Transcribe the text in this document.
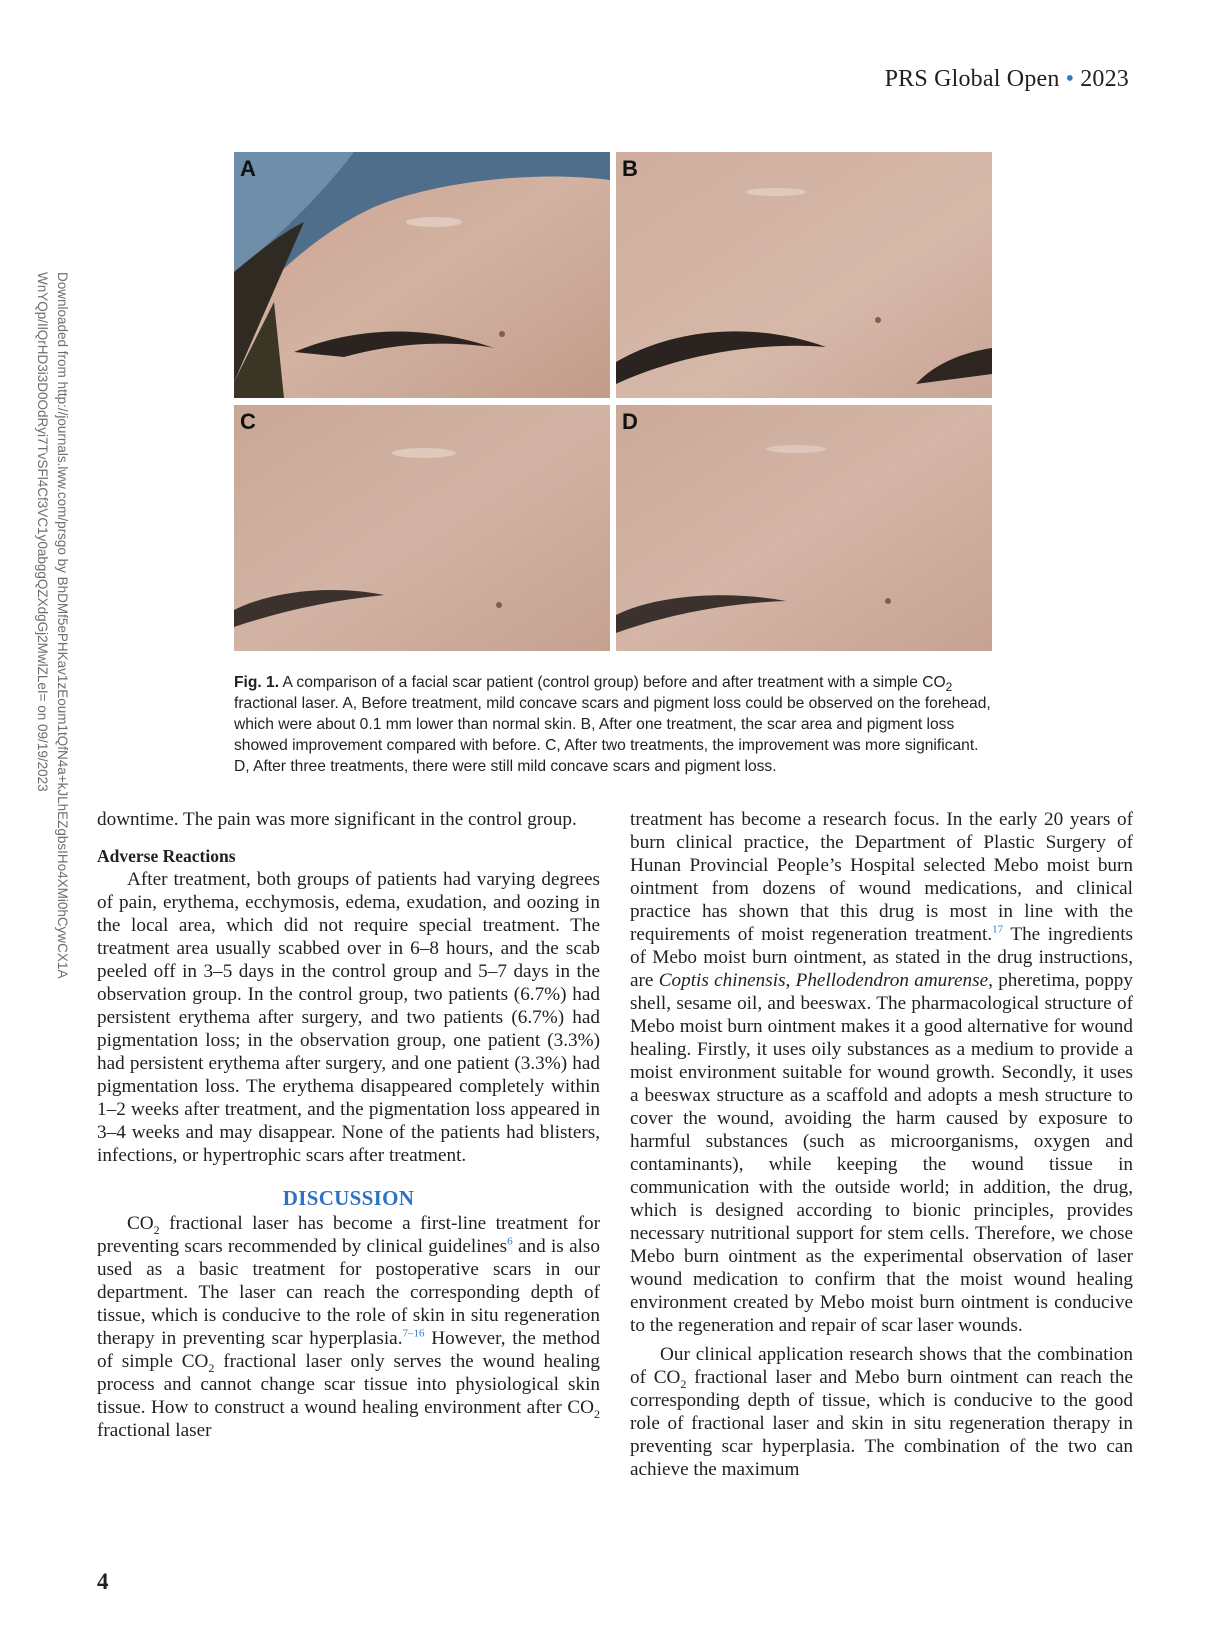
PRS Global Open • 2023
Downloaded from http://journals.lww.com/prsgo by BhDMf5ePHKav1zEoum1tQfN4a+kJLhEZgbsIHo4XMi0hCywCX1A
WnYQp/IlQrHD3i3D0OdRyi7TvSFl4Cf3VC1y0abggQZXdgGj2MwlZLeI= on 09/19/2023
A	B
C	D
Fig. 1. A comparison of a facial scar patient (control group) before and after treatment with a simple $CO_2$ fractional laser. A, Before treatment, mild concave scars and pigment loss could be observed on the forehead, which were about 0.1 mm lower than normal skin. B, After one treatment, the scar area and pigment loss showed improvement compared with before. C, After two treatments, the improvement was more significant. D, After three treatments, there were still mild concave scars and pigment loss.

downtime. The pain was more significant in the control group.

Adverse Reactions

After treatment, both groups of patients had varying degrees of pain, erythema, ecchymosis, edema, exudation, and oozing in the local area, which did not require special treatment. The treatment area usually scabbed over in 6–8 hours, and the scab peeled off in 3–5 days in the control group and 5–7 days in the observation group. In the control group, two patients (6.7%) had persistent erythema after surgery, and two patients (6.7%) had pigmentation loss; in the observation group, one patient (3.3%) had persistent erythema after surgery, and one patient (3.3%) had pigmentation loss. The erythema disappeared completely within 1–2 weeks after treatment, and the pigmentation loss appeared in 3–4 weeks and may disappear. None of the patients had blisters, infections, or hypertrophic scars after treatment.

DISCUSSION

$CO_2$ fractional laser has become a first-line treatment for preventing scars recommended by clinical guidelines$^6$ and is also used as a basic treatment for postoperative scars in our department. The laser can reach the corresponding depth of tissue, which is conducive to the role of skin in situ regeneration therapy in preventing scar hyperplasia.$^{7-16}$ However, the method of simple $CO_2$ fractional laser only serves the wound healing process and cannot change scar tissue into physiological skin tissue. How to construct a wound healing environment after $CO_2$ fractional laser

treatment has become a research focus. In the early 20 years of burn clinical practice, the Department of Plastic Surgery of Hunan Provincial People’s Hospital selected Mebo moist burn ointment from dozens of wound medications, and clinical practice has shown that this drug is most in line with the requirements of moist regeneration treatment.$^{17}$ The ingredients of Mebo moist burn ointment, as stated in the drug instructions, are Coptis chinensis, Phellodendron amurense, pheretima, poppy shell, sesame oil, and beeswax. The pharmacological structure of Mebo moist burn ointment makes it a good alternative for wound healing. Firstly, it uses oily substances as a medium to provide a moist environment suitable for wound growth. Secondly, it uses a beeswax structure as a scaffold and adopts a mesh structure to cover the wound, avoiding the harm caused by exposure to harmful substances (such as microorganisms, oxygen and contaminants), while keeping the wound tissue in communication with the outside world; in addition, the drug, which is designed according to bionic principles, provides necessary nutritional support for stem cells. Therefore, we chose Mebo burn ointment as the experimental observation of laser wound medication to confirm that the moist wound healing environment created by Mebo moist burn ointment is conducive to the regeneration and repair of scar laser wounds.

Our clinical application research shows that the combination of $CO_2$ fractional laser and Mebo burn ointment can reach the corresponding depth of tissue, which is conducive to the good role of fractional laser and skin in situ regeneration therapy in preventing scar hyperplasia. The combination of the two can achieve the maximum

4
